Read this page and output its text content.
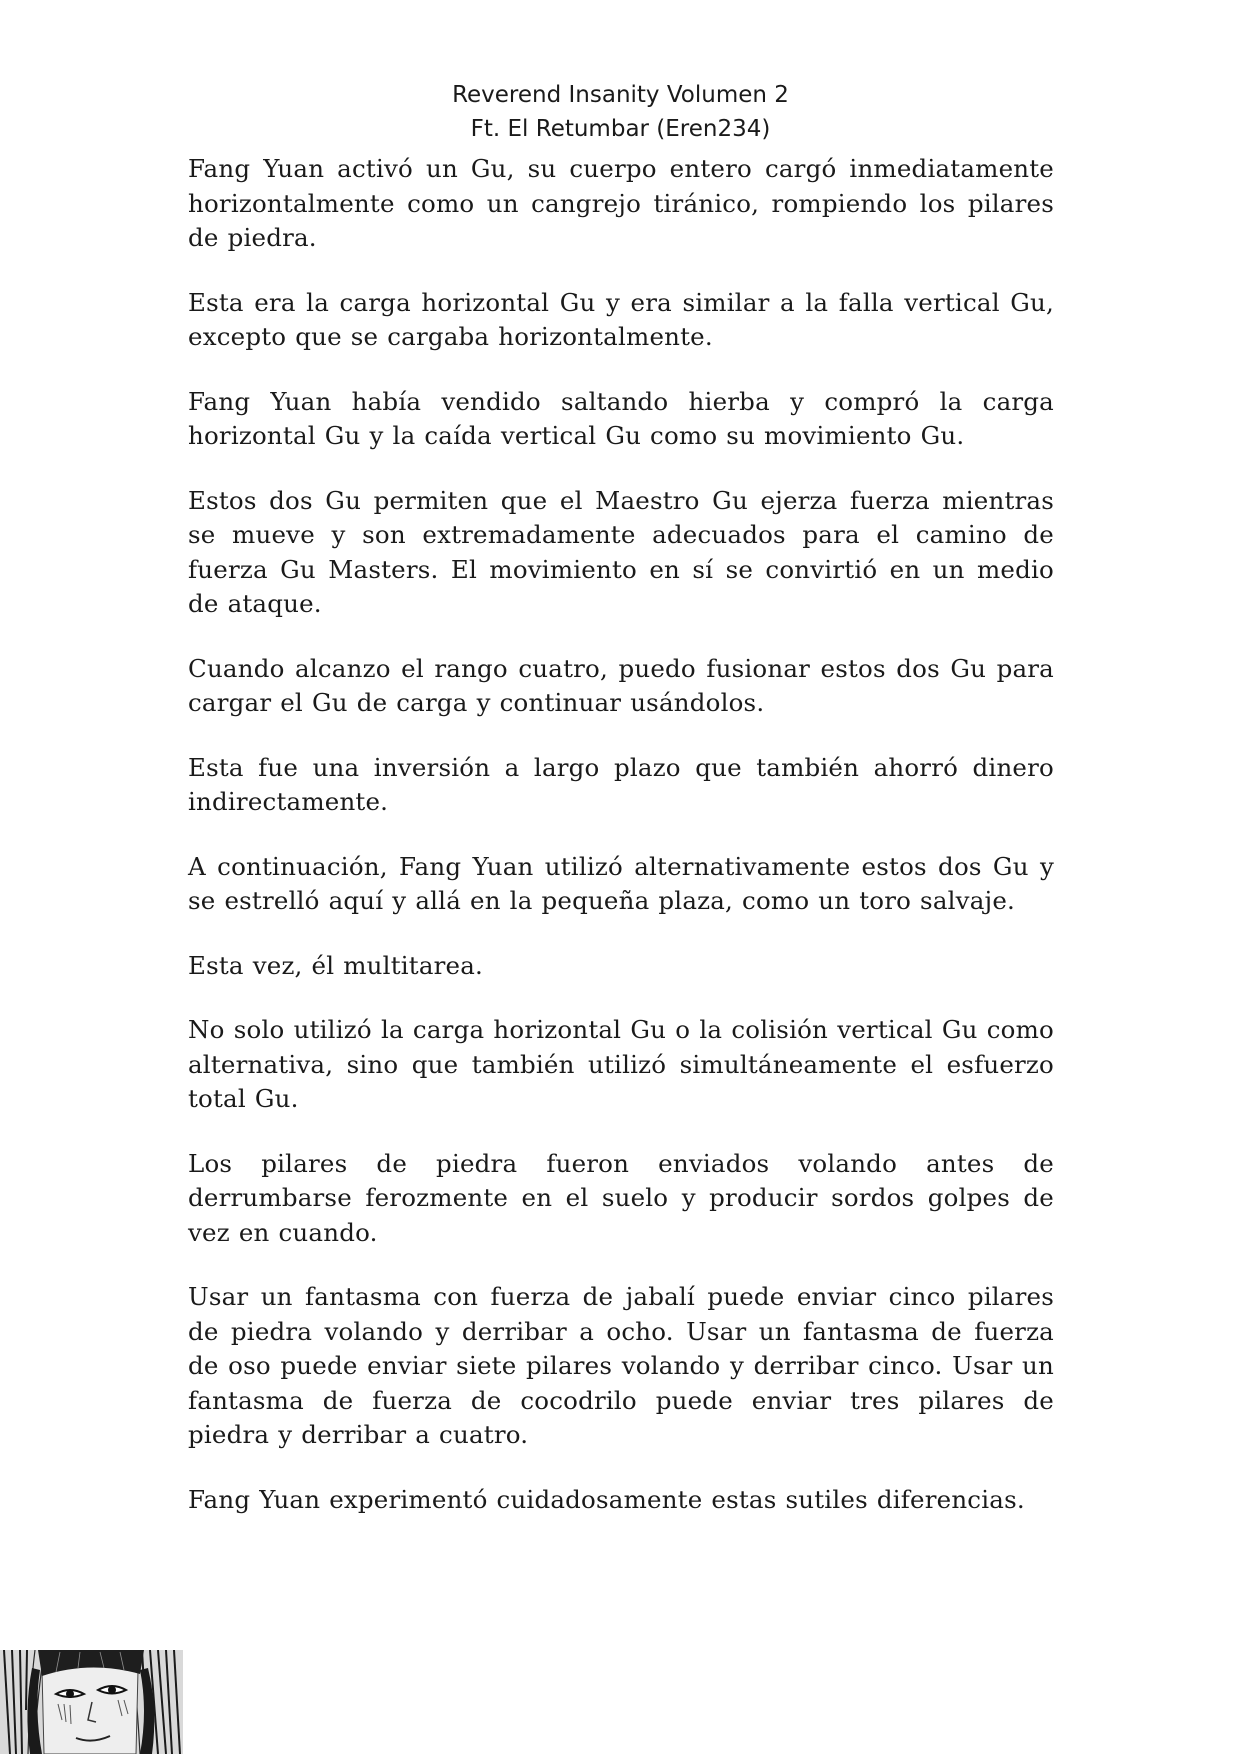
Reverend Insanity Volumen 2
Ft. El Retumbar (Eren234)

Fang Yuan activó un Gu, su cuerpo entero cargó inmediatamente horizontalmente como un cangrejo tiránico, rompiendo los pilares de piedra.

Esta era la carga horizontal Gu y era similar a la falla vertical Gu, excepto que se cargaba horizontalmente.

Fang Yuan había vendido saltando hierba y compró la carga horizontal Gu y la caída vertical Gu como su movimiento Gu.

Estos dos Gu permiten que el Maestro Gu ejerza fuerza mientras se mueve y son extremadamente adecuados para el camino de fuerza Gu Masters. El movimiento en sí se convirtió en un medio de ataque.

Cuando alcanzo el rango cuatro, puedo fusionar estos dos Gu para cargar el Gu de carga y continuar usándolos.

Esta fue una inversión a largo plazo que también ahorró dinero indirectamente.

A continuación, Fang Yuan utilizó alternativamente estos dos Gu y se estrelló aquí y allá en la pequeña plaza, como un toro salvaje.

Esta vez, él multitarea.

No solo utilizó la carga horizontal Gu o la colisión vertical Gu como alternativa, sino que también utilizó simultáneamente el esfuerzo total Gu.

Los pilares de piedra fueron enviados volando antes de derrumbarse ferozmente en el suelo y producir sordos golpes de vez en cuando.

Usar un fantasma con fuerza de jabalí puede enviar cinco pilares de piedra volando y derribar a ocho. Usar un fantasma de fuerza de oso puede enviar siete pilares volando y derribar cinco. Usar un fantasma de fuerza de cocodrilo puede enviar tres pilares de piedra y derribar a cuatro.

Fang Yuan experimentó cuidadosamente estas sutiles diferencias.
